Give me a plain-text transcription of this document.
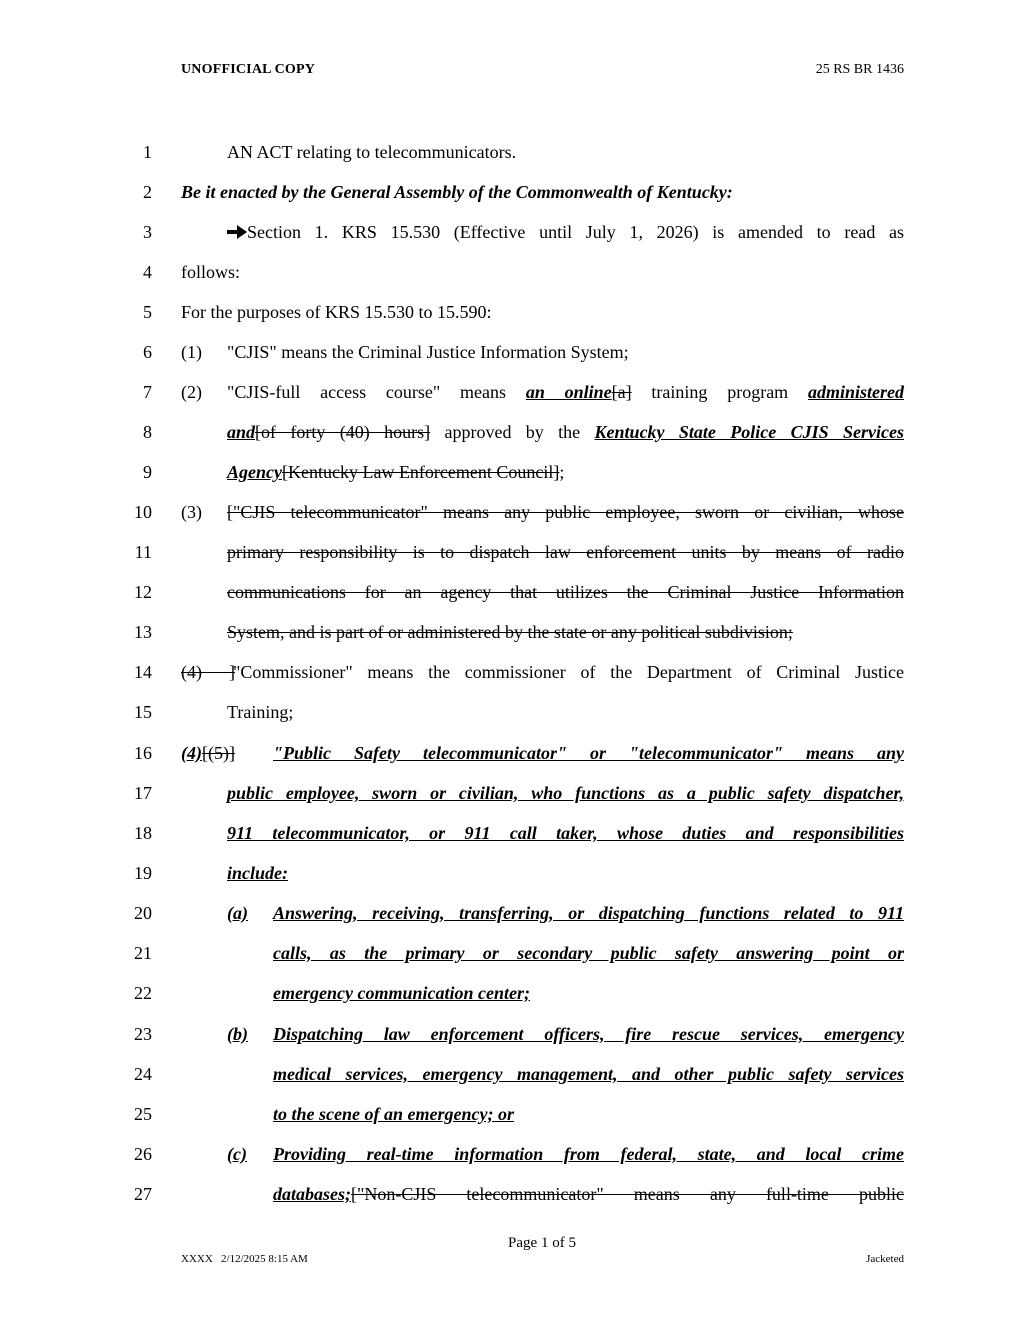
UNOFFICIAL COPY	25 RS BR 1436
1
2
3
4
5
6
7
8
9
10
11
12
13
14
15
16
17
18
19
20
21
22
23
24
25
26
27
AN ACT relating to telecommunicators.
Be it enacted by the General Assembly of the Commonwealth of Kentucky:
Section 1. KRS 15.530 (Effective until July 1, 2026) is amended to read as
follows:
For the purposes of KRS 15.530 to 15.590:
(1) "CJIS" means the Criminal Justice Information System;
(2) "CJIS-full access course" means an online[a] training program administered
and[of forty (40) hours] approved by the Kentucky State Police CJIS Services
Agency[Kentucky Law Enforcement Council];
(3) ["CJIS telecommunicator" means any public employee, sworn or civilian, whose
primary responsibility is to dispatch law enforcement units by means of radio
communications for an agency that utilizes the Criminal Justice Information
System, and is part of or administered by the state or any political subdivision;
(4)      ]
"Commissioner" means the commissioner of the Department of Criminal Justice
Training;
(4)[(5)] "Public Safety telecommunicator" or "telecommunicator" means any
public employee, sworn or civilian, who functions as a public safety dispatcher,
911 telecommunicator, or 911 call taker, whose duties and responsibilities
include:
(a) Answering, receiving, transferring, or dispatching functions related to 911
calls, as the primary or secondary public safety answering point or
emergency communication center;
(b) Dispatching law enforcement officers, fire rescue services, emergency
medical services, emergency management, and other public safety services
to the scene of an emergency; or
(c) Providing real-time information from federal, state, and local crime
databases;["Non-CJIS telecommunicator" means any full-time public
Page 1 of 5
XXXX   2/12/2025 8:15 AM	Jacketed
